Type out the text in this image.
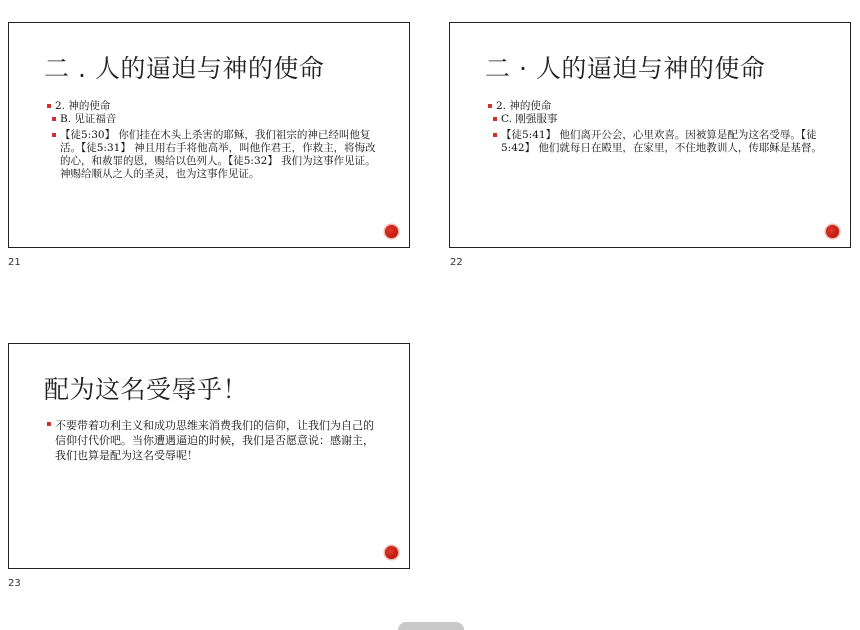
二 . 人的逼迫与神的使命

2. 神的使命

B. 见证福音

【徒5:30】 你们挂在木头上杀害的耶稣，我们祖宗的神已经叫他复活。【徒5:31】 神且用右手将他高举，叫他作君王，作救主，将悔改的心，和赦罪的恩，赐给以色列人。【徒5:32】 我们为这事作见证。神赐给顺从之人的圣灵，也为这事作见证。

21
二 · 人的逼迫与神的使命

2. 神的使命

C. 刚强服事

【徒5:41】 他们离开公会，心里欢喜。因被算是配为这名受辱。【徒5:42】 他们就每日在殿里，在家里，不住地教训人，传耶稣是基督。

22
配为这名受辱乎！

不要带着功利主义和成功思维来消费我们的信仰，让我们为自己的信仰付代价吧。当你遭遇逼迫的时候，我们是否愿意说：感谢主，我们也算是配为这名受辱呢！

23
